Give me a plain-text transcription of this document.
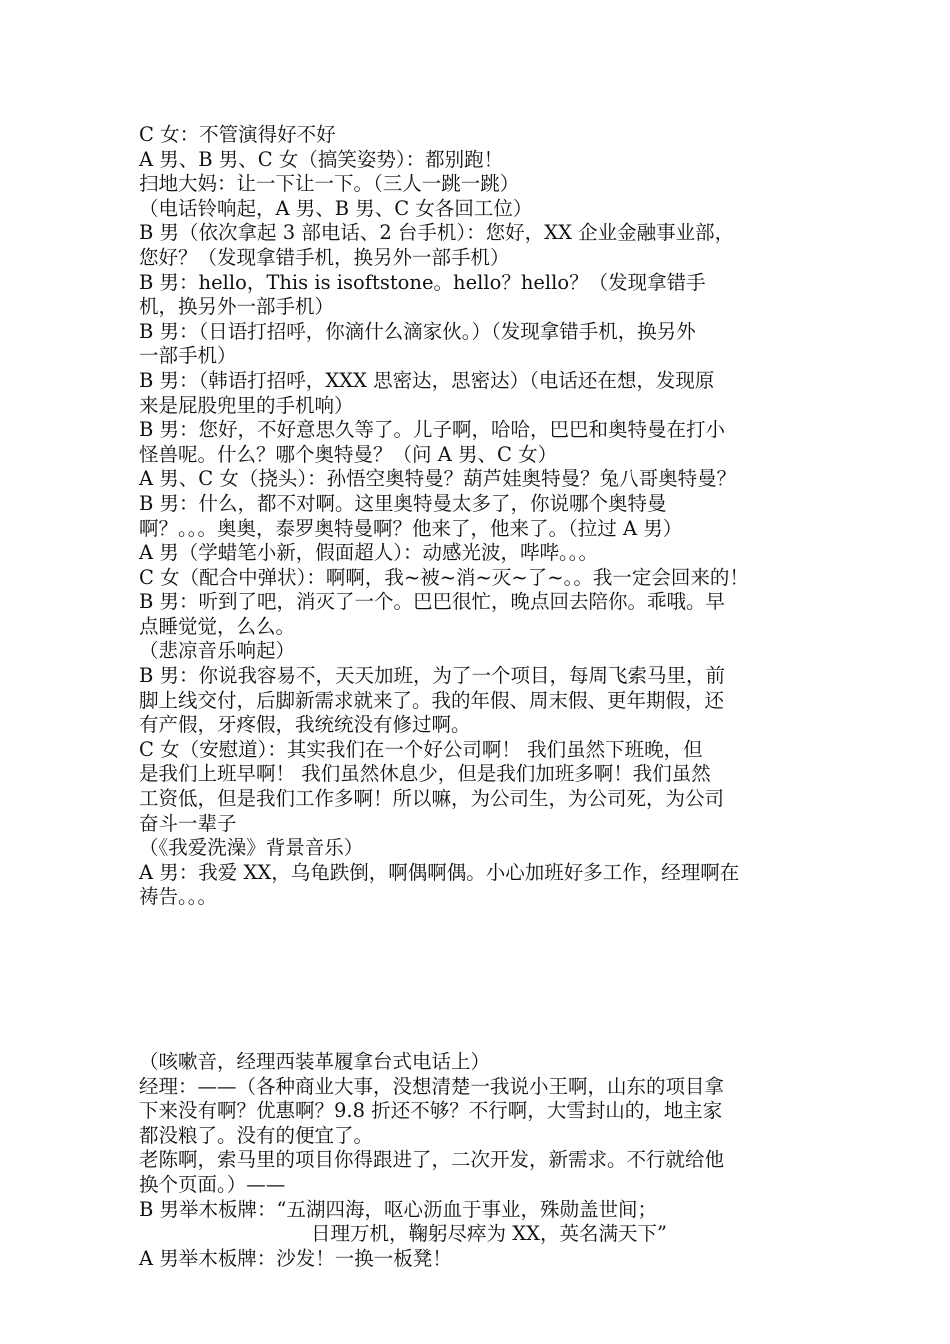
C 女：不管演得好不好

A 男、B 男、C 女（搞笑姿势）：都别跑！

扫地大妈：让一下让一下。（三人一跳一跳）

（电话铃响起，A 男、B 男、C 女各回工位）

B 男（依次拿起 3 部电话、2 台手机）：您好，XX 企业金融事业部，

您好？（发现拿错手机，换另外一部手机）

B 男：hello，This is isoftstone。hello？hello？（发现拿错手

机，换另外一部手机）

B 男：（日语打招呼，你滴什么滴家伙。）（发现拿错手机，换另外

一部手机）

B 男：（韩语打招呼，XXX 思密达，思密达）（电话还在想，发现原

来是屁股兜里的手机响）

B 男：您好，不好意思久等了。儿子啊，哈哈，巴巴和奥特曼在打小

怪兽呢。什么？哪个奥特曼？（问 A 男、C 女）

A 男、C 女（挠头）：孙悟空奥特曼？葫芦娃奥特曼？兔八哥奥特曼？

B 男：什么，都不对啊。这里奥特曼太多了，你说哪个奥特曼

啊？。。。奥奥，泰罗奥特曼啊？他来了，他来了。（拉过 A 男）

A 男（学蜡笔小新，假面超人）：动感光波，哔哔。。。

C 女（配合中弹状）：啊啊，我~被~消~灭~了~。。我一定会回来的！

B 男：听到了吧，消灭了一个。巴巴很忙，晚点回去陪你。乖哦。早

点睡觉觉，么么。

（悲凉音乐响起）

B 男：你说我容易不，天天加班，为了一个项目，每周飞索马里，前

脚上线交付，后脚新需求就来了。我的年假、周末假、更年期假，还

有产假，牙疼假，我统统没有修过啊。

C 女（安慰道）：其实我们在一个好公司啊！ 我们虽然下班晚，但

是我们上班早啊！ 我们虽然休息少，但是我们加班多啊！我们虽然

工资低，但是我们工作多啊！所以嘛，为公司生，为公司死，为公司

奋斗一辈子

（《我爱洗澡》背景音乐）

A 男：我爱 XX，乌龟跌倒，啊偶啊偶。小心加班好多工作，经理啊在

祷告。。。

（咳嗽音，经理西装革履拿台式电话上）

经理：——（各种商业大事，没想清楚一我说小王啊，山东的项目拿

下来没有啊？优惠啊？9.8 折还不够？不行啊，大雪封山的，地主家

都没粮了。没有的便宜了。

老陈啊，索马里的项目你得跟进了，二次开发，新需求。不行就给他

换个页面。）——

B 男举木板牌：“五湖四海，呕心沥血于事业，殊勋盖世间；

日理万机，鞠躬尽瘁为 XX，英名满天下”

A 男举木板牌：沙发！一换一板凳！
